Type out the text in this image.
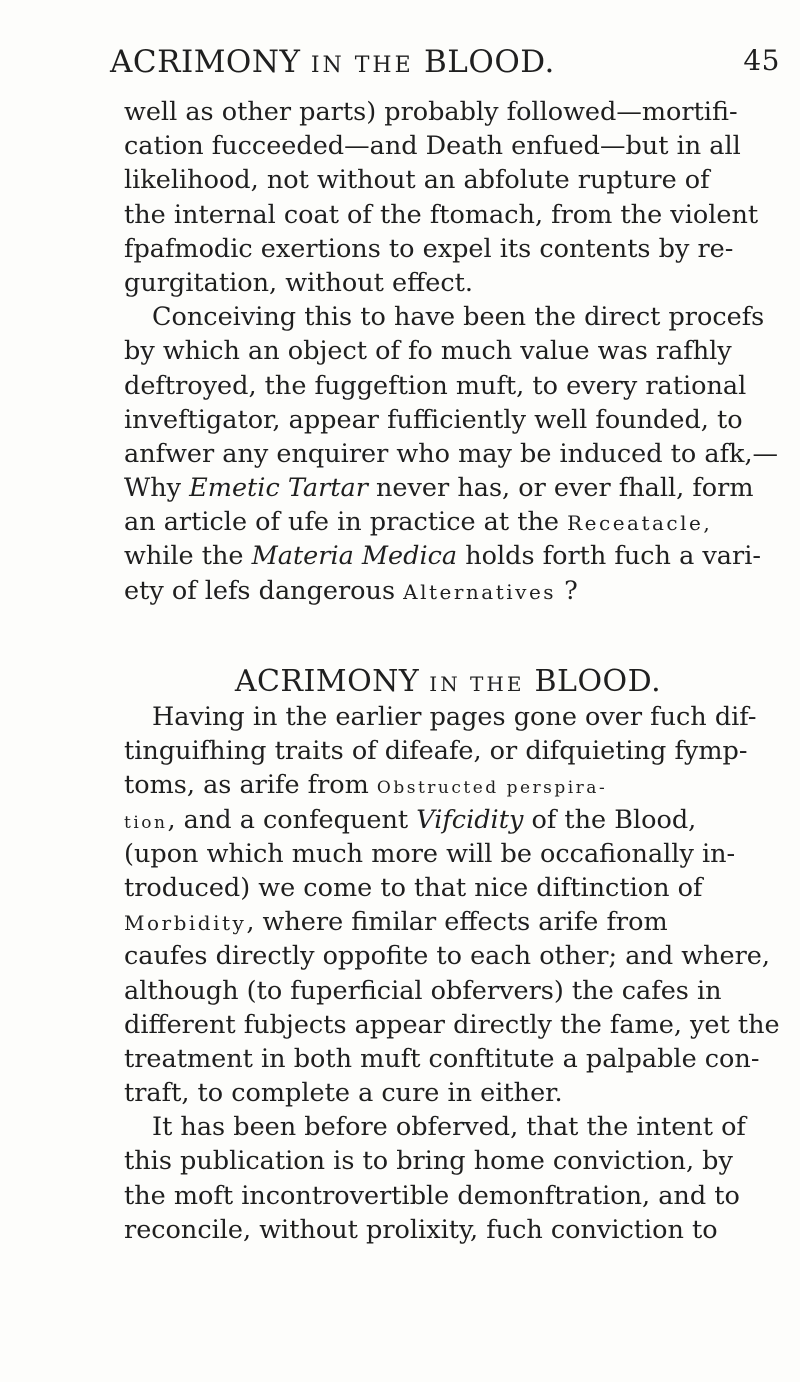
ACRIMONY IN THE BLOOD.	45
well as other parts) probably followed—mortifi-
cation fucceeded—and Death enfued—but in all
likelihood, not without an abfolute rupture of
the internal coat of the ftomach, from the violent
fpafmodic exertions to expel its contents by re-
gurgitation, without effect.
Conceiving this to have been the direct procefs
by which an object of fo much value was rafhly
deftroyed, the fuggeftion muft, to every rational
inveftigator, appear fufficiently well founded, to
anfwer any enquirer who may be induced to afk,—
Why Emetic Tartar never has, or ever fhall, form
an article of ufe in practice at the Receatacle,
while the Materia Medica holds forth fuch a vari-
ety of lefs dangerous Alternatives ?
ACRIMONY IN THE BLOOD.
Having in the earlier pages gone over fuch dif-
tinguifhing traits of difeafe, or difquieting fymp-
toms, as arife from Obstructed perspira-
tion, and a confequent Vifcidity of the Blood,
(upon which much more will be occafionally in-
troduced) we come to that nice diftinction of
Morbidity, where fimilar effects arife from
caufes directly oppofite to each other; and where,
although (to fuperficial obfervers) the cafes in
different fubjects appear directly the fame, yet the
treatment in both muft conftitute a palpable con-
traft, to complete a cure in either.
It has been before obferved, that the intent of
this publication is to bring home conviction, by
the moft incontrovertible demonftration, and to
reconcile, without prolixity, fuch conviction to
